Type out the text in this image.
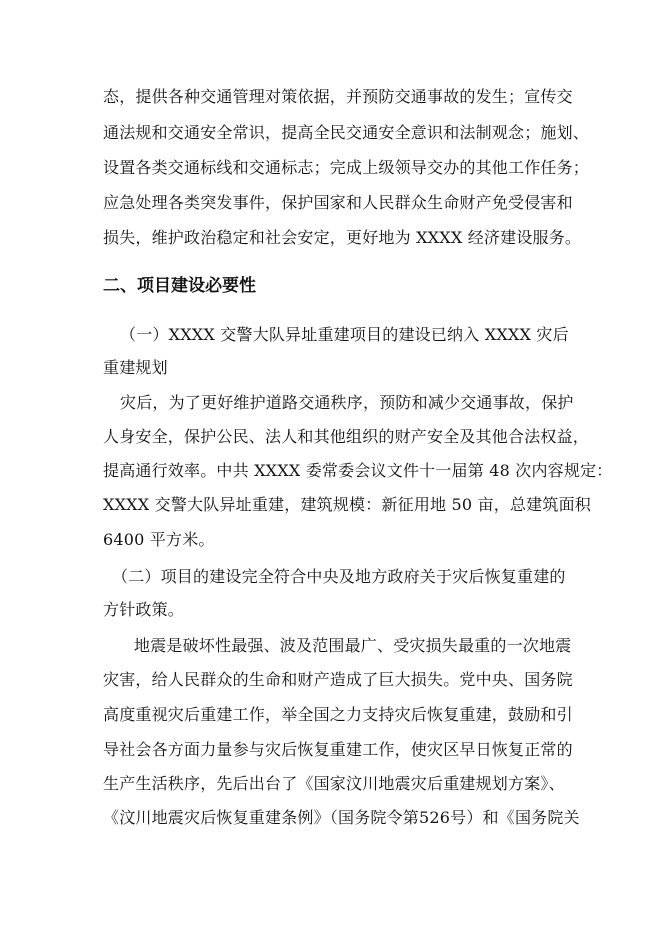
态，提供各种交通管理对策依据，并预防交通事故的发生；宣传交
通法规和交通安全常识，提高全民交通安全意识和法制观念；施划、
设置各类交通标线和交通标志；完成上级领导交办的其他工作任务；
应急处理各类突发事件，保护国家和人民群众生命财产免受侵害和
损失，维护政治稳定和社会安定，更好地为 XXXX 经济建设服务。
二、项目建设必要性
（一）XXXX 交警大队异址重建项目的建设已纳入 XXXX 灾后
重建规划
灾后，为了更好维护道路交通秩序，预防和减少交通事故，保护
人身安全，保护公民、法人和其他组织的财产安全及其他合法权益，
提高通行效率。中共 XXXX 委常委会议文件十一届第 48 次内容规定：
XXXX 交警大队异址重建，建筑规模：新征用地 50 亩，总建筑面积
6400 平方米。
（二）项目的建设完全符合中央及地方政府关于灾后恢复重建的
方针政策。
地震是破坏性最强、波及范围最广、受灾损失最重的一次地震
灾害，给人民群众的生命和财产造成了巨大损失。党中央、国务院
高度重视灾后重建工作，举全国之力支持灾后恢复重建，鼓励和引
导社会各方面力量参与灾后恢复重建工作，使灾区早日恢复正常的
生产生活秩序，先后出台了《国家汶川地震灾后重建规划方案》、
《汶川地震灾后恢复重建条例》（国务院令第526号）和《国务院关
